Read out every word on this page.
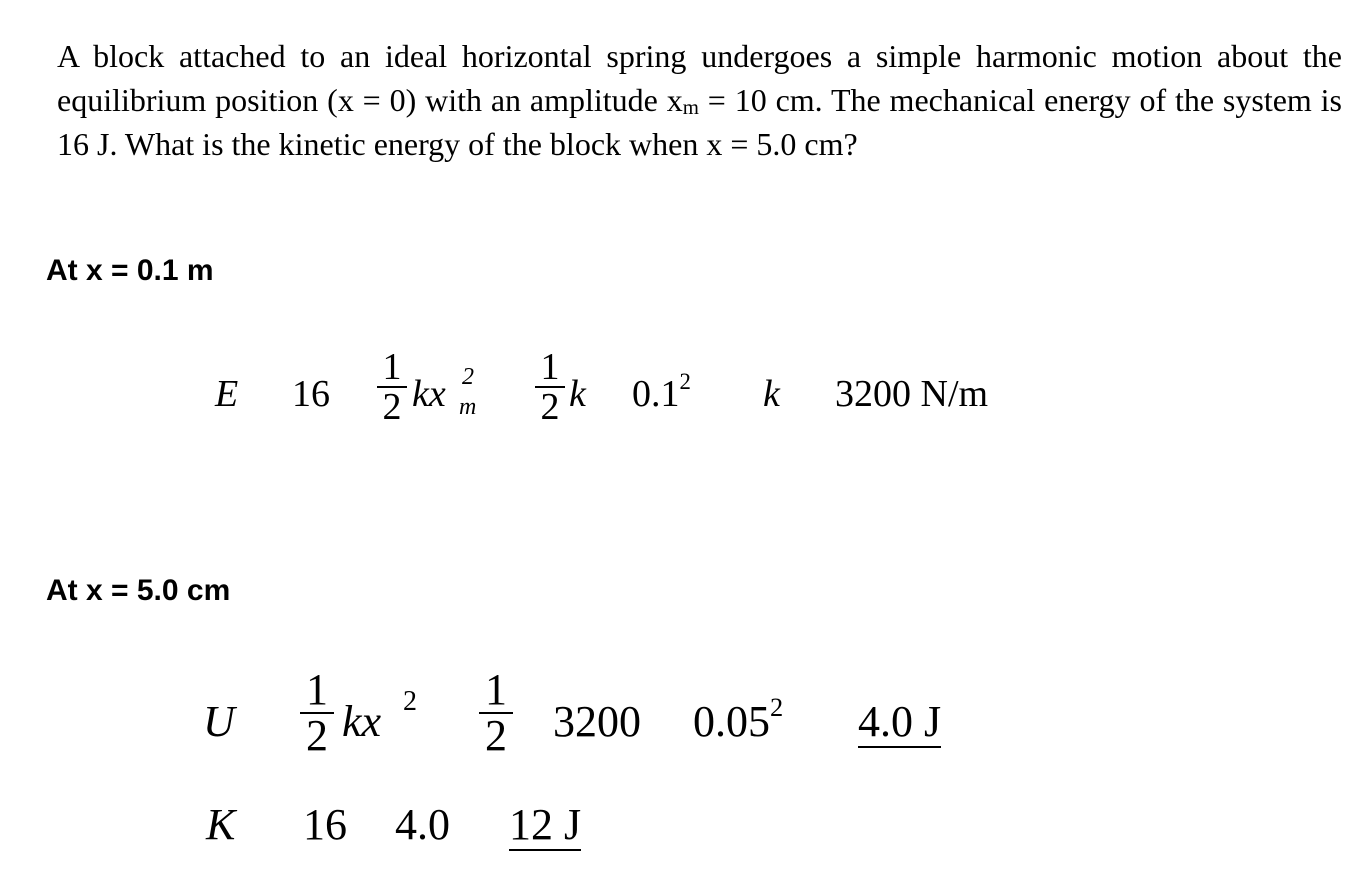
A block attached to an ideal horizontal spring undergoes a simple harmonic motion about the equilibrium position (x = 0) with an amplitude $x_m = 10$ cm. The mechanical energy of the system is 16 J. What is the kinetic energy of the block when x = 5.0 cm?
At x = 0.1 m
E 16
1
2 kx 2
m
1
2 k $0.1^2$ k 3200 N/m
At x = 5.0 cm
U
1
2 kx 2 1
2 3200 0.05$^2$ 4.0 J
K 16 4.0 12 J
